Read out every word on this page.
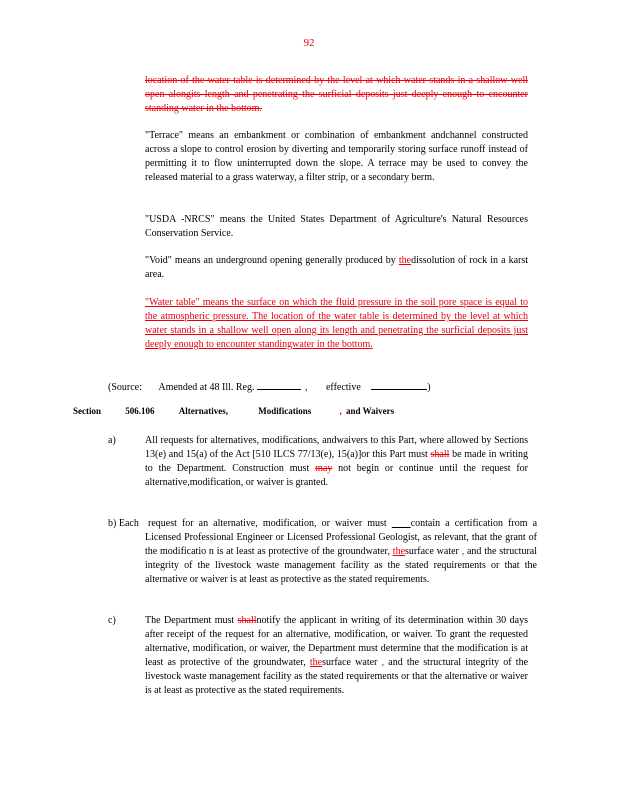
92
location of the water table is determined by the level at which water stands in a shallow well open alongits length and penetrating the surficial deposits just deeply enough to encounter standing water in the bottom.
"Terrace" means an embankment or combination of embankment andchannel constructed across a slope to control erosion by diverting and temporarily storing surface runoff instead of permitting it to flow uninterrupted down the slope. A terrace may be used to convey the released material to a grass waterway, a filter strip, or a secondary berm.
"USDA -NRCS" means the United States Department of Agriculture's Natural Resources Conservation Service.
"Void" means an underground opening generally produced by thedissolution of rock in a karst area.
"Water table" means the surface on which the fluid pressure in the soil pore space is equal to the atmospheric pressure. The location of the water table is determined by the level at which water stands in a shallow well open along its length and penetrating the surficial deposits just deeply enough to encounter standingwater in the bottom.
(Source: Amended at 48 Ill. Reg.	, effective	)
Section	506.106	Alternatives,	Modifications	, and Waivers
a)	All requests for alternatives, modifications, andwaivers to this Part, where allowed by Sections 13(e) and 15(a) of the Act [510 ILCS 77/13(e), 15(a)]or this Part must shall be made in writing to the Department. Construction must may not begin or continue until the request for alternative,modification, or waiver is granted.
b) Each request for an alternative, modification, or waiver must contain a certification from a Licensed Professional Engineer or Licensed Professional Geologist, as relevant, that the grant of the modificatio n is at least as protective of the groundwater, thesurface water , and the structural integrity of the livestock waste management facility as the stated requirements or that the alternative or waiver is at least as protective as the stated requirements.
c)	The Department must shallnotify the applicant in writing of its determination within 30 days after receipt of the request for an alternative, modification, or waiver. To grant the requested alternative, modification, or waiver, the Department must determine that the modification is at least as protective of the groundwater, thesurface water , and the structural integrity of the livestock waste management facility as the stated requirements or that the alternative or waiver is at least as protective as the stated requirements.
